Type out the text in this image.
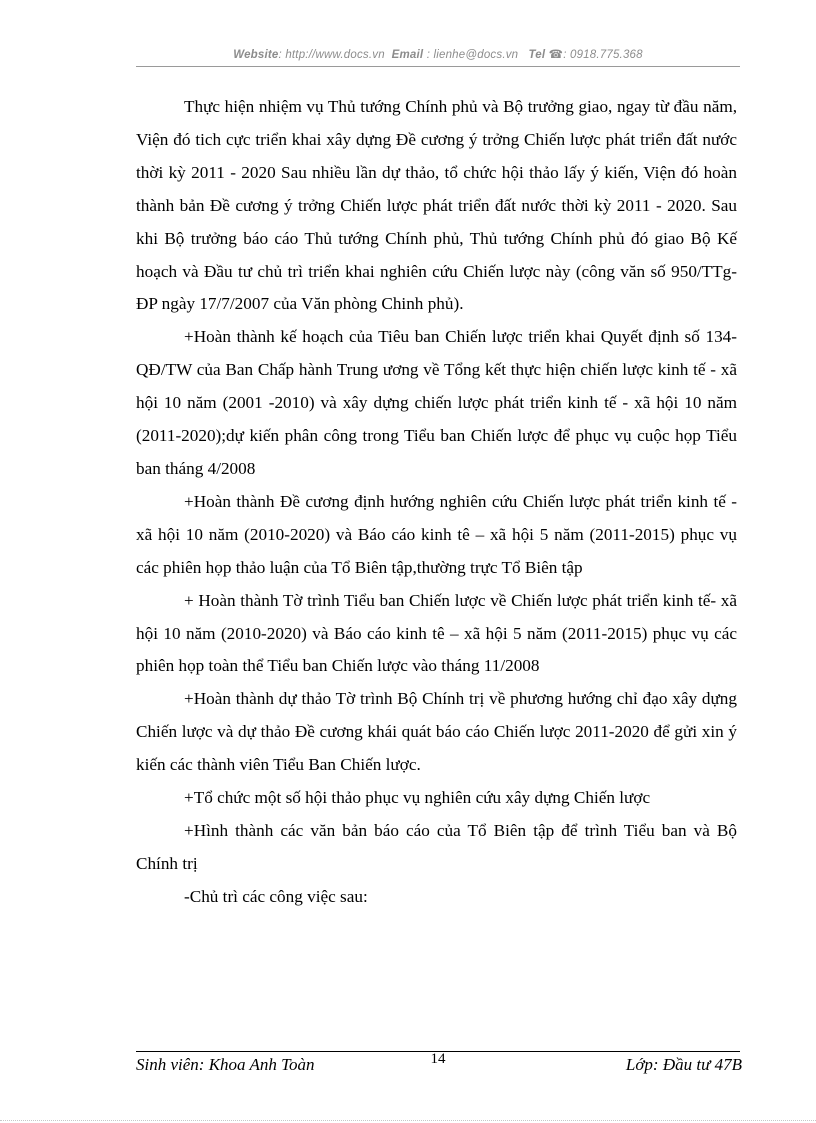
Website: http://www.docs.vn Email : lienhe@docs.vn Tel ☎: 0918.775.368

Thực hiện nhiệm vụ Thủ tướng Chính phủ và Bộ trưởng giao, ngay từ đầu năm, Viện đó tich cực triển khai xây dựng Đề cương ý trởng Chiến lược phát triển đất nước thời kỳ 2011 - 2020 Sau nhiều lần dự thảo, tổ chức hội thảo lấy ý kiến, Viện đó hoàn thành bản Đề cương ý trởng Chiến lược phát triển đất nước thời kỳ 2011 - 2020. Sau khi Bộ trưởng báo cáo Thủ tướng Chính phủ, Thủ tướng Chính phủ đó giao Bộ Kế hoạch và Đầu tư chủ trì triển khai nghiên cứu Chiến lược này (công văn số 950/TTg-ĐP ngày 17/7/2007 của Văn phòng Chinh phủ).

+Hoàn thành kế hoạch của Tiêu ban Chiến lược triển khai Quyết định số 134-QĐ/TW của Ban Chấp hành Trung ương về Tổng kết thực hiện chiến lược kinh tế - xã hội 10 năm (2001 -2010) và xây dựng chiến lược phát triển kinh tế - xã hội 10 năm (2011-2020);dự kiến phân công trong Tiểu ban Chiến lược để phục vụ cuộc họp Tiểu ban tháng 4/2008

+Hoàn thành Đề cương định hướng nghiên cứu Chiến lược phát triển kinh tế - xã hội 10 năm (2010-2020) và Báo cáo kinh tê – xã hội 5 năm (2011-2015) phục vụ các phiên họp thảo luận của Tổ Biên tập,thường trực Tổ Biên tập

+ Hoàn thành Tờ trình Tiểu ban Chiến lược về Chiến lược phát triển kinh tế- xã hội 10 năm (2010-2020) và Báo cáo kinh tê – xã hội 5 năm (2011-2015) phục vụ các phiên họp toàn thể Tiểu ban Chiến lược vào tháng 11/2008

+Hoàn thành dự thảo Tờ trình Bộ Chính trị về phương hướng chỉ đạo xây dựng Chiến lược và dự thảo Đề cương khái quát báo cáo Chiến lược 2011-2020 để gửi xin ý kiến các thành viên Tiểu Ban Chiến lược.

+Tổ chức một số hội thảo phục vụ nghiên cứu xây dựng Chiến lược

+Hình thành các văn bản báo cáo của Tổ Biên tập để trình Tiểu ban và Bộ Chính trị

-Chủ trì các công việc sau:

Sinh viên: Khoa Anh Toàn	14	Lớp: Đầu tư 47B
